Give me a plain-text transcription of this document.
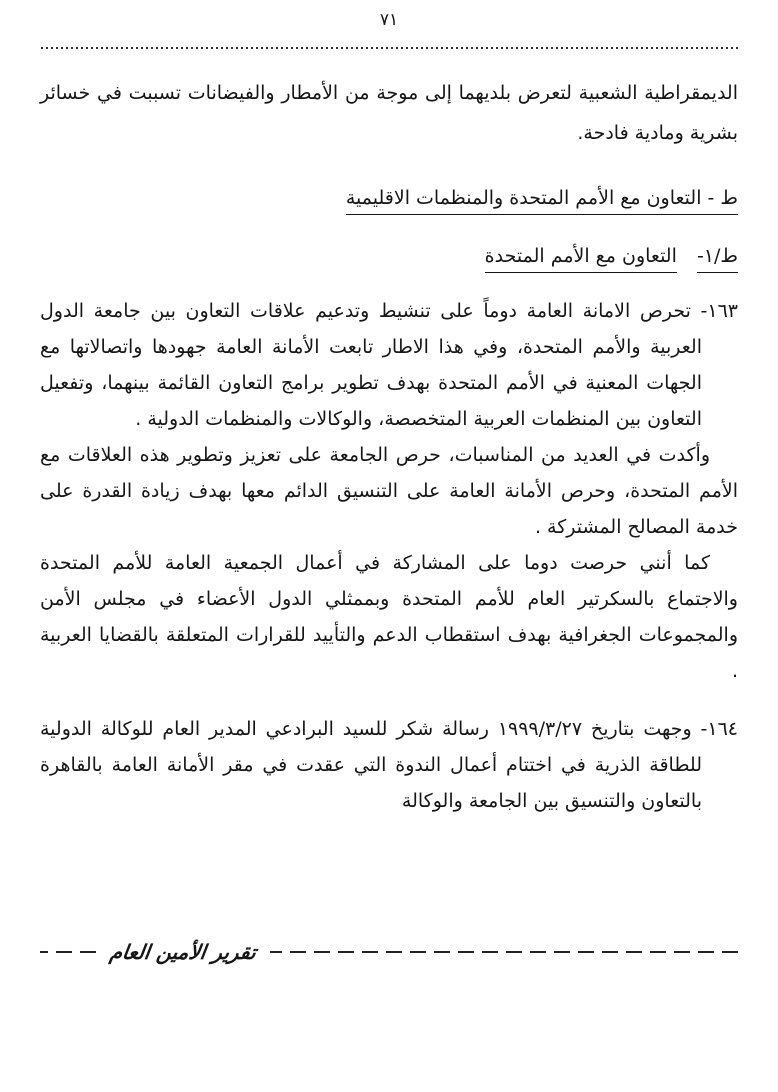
٧١

الديمقراطية الشعبية لتعرض بلديهما إلى موجة من الأمطار والفيضانات تسببت في خسائر بشرية ومادية فادحة.

ط - التعاون مع الأمم المتحدة والمنظمات الاقليمية
ط/١- التعاون مع الأمم المتحدة

١٦٣- تحرص الامانة العامة دوماً على تنشيط وتدعيم علاقات التعاون بين جامعة الدول العربية والأمم المتحدة، وفي هذا الاطار تابعت الأمانة العامة جهودها واتصالاتها مع الجهات المعنية في الأمم المتحدة بهدف تطوير برامج التعاون القائمة بينهما، وتفعيل التعاون بين المنظمات العربية المتخصصة، والوكالات والمنظمات الدولية .

وأكدت في العديد من المناسبات، حرص الجامعة على تعزيز وتطوير هذه العلاقات مع الأمم المتحدة، وحرص الأمانة العامة على التنسيق الدائم معها بهدف زيادة القدرة على خدمة المصالح المشتركة .

كما أنني حرصت دوما على المشاركة في أعمال الجمعية العامة للأمم المتحدة والاجتماع بالسكرتير العام للأمم المتحدة وبممثلي الدول الأعضاء في مجلس الأمن والمجموعات الجغرافية بهدف استقطاب الدعم والتأييد للقرارات المتعلقة بالقضايا العربية .

١٦٤- وجهت بتاريخ ١٩٩٩/٣/٢٧ رسالة شكر للسيد البرادعي المدير العام للوكالة الدولية للطاقة الذرية في اختتام أعمال الندوة التي عقدت في مقر الأمانة العامة بالقاهرة بالتعاون والتنسيق بين الجامعة والوكالة

تقرير الأمين العام
